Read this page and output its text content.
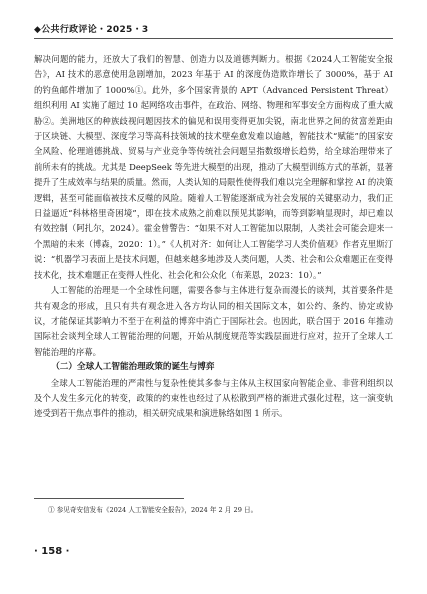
◆公共行政评论・2025・3

解决问题的能力，还放大了我们的智慧、创造力以及道德判断力。根据《2024人工智能安全报告》，AI 技术的恶意使用急剧增加，2023 年基于 AI 的深度伪造欺诈增长了 3000%，基于 AI 的钓鱼邮件增加了 1000%①。此外，多个国家背景的 APT（Advanced Persistent Threat）组织利用 AI 实施了超过 10 起网络攻击事件，在政治、网络、物理和军事安全方面构成了重大威胁②。美洲地区的种族歧视问题因技术的偏见和误用变得更加尖锐，南北世界之间的贫富差距由于区块链、大模型、深度学习等高科技领域的技术壁垒愈发难以逾越，智能技术“赋能”的国家安全风险、伦理道德挑战、贸易与产业竞争等传统社会问题呈指数级增长趋势，给全球治理带来了前所未有的挑战。尤其是 DeepSeek 等先进大模型的出现，推动了大模型训练方式的革新，显著提升了生成效率与结果的质量。然而，人类认知的局限性使得我们难以完全理解和掌控 AI 的决策逻辑，甚至可能面临被技术反噬的风险。随着人工智能逐渐成为社会发展的关键驱动力，我们正日益逼近“科林格里奇困境”，即在技术成熟之前难以预见其影响，而等到影响显现时，却已难以有效控制（阿扎尔，2024）。霍金曾警告：“如果不对人工智能加以限制，人类社会可能会迎来一个黑暗的未来（博森，2020：1）。”《人机对齐：如何让人工智能学习人类价值观》作者克里斯汀说：“机器学习表面上是技术问题，但越来越多地涉及人类问题，人类、社会和公众难题正在变得技术化，技术难题正在变得人性化、社会化和公众化（布莱恩，2023：10）。”

人工智能的治理是一个全球性问题，需要各参与主体进行复杂而漫长的谈判，其首要条件是共有观念的形成，且只有共有观念进入各方均认同的相关国际文本，如公约、条约、协定或协议，才能保证其影响力不至于在利益的博弈中消亡于国际社会。也因此，联合国于 2016 年推动国际社会谈判全球人工智能治理的问题，开始从制度规范等实践层面进行应对，拉开了全球人工智能治理的序幕。

（二）全球人工智能治理政策的诞生与博弈

全球人工智能治理的严肃性与复杂性使其多参与主体从主权国家向智能企业、非营利组织以及个人发生多元化的转变，政策的约束性也经过了从松散到严格的渐进式强化过程，这一演变轨迹受到若干焦点事件的推动，相关研究成果和演进脉络如图 1 所示。

① 参见奇安信发布《2024 人工智能安全报告》，2024 年 2 月 29 日。
· 158 ·
